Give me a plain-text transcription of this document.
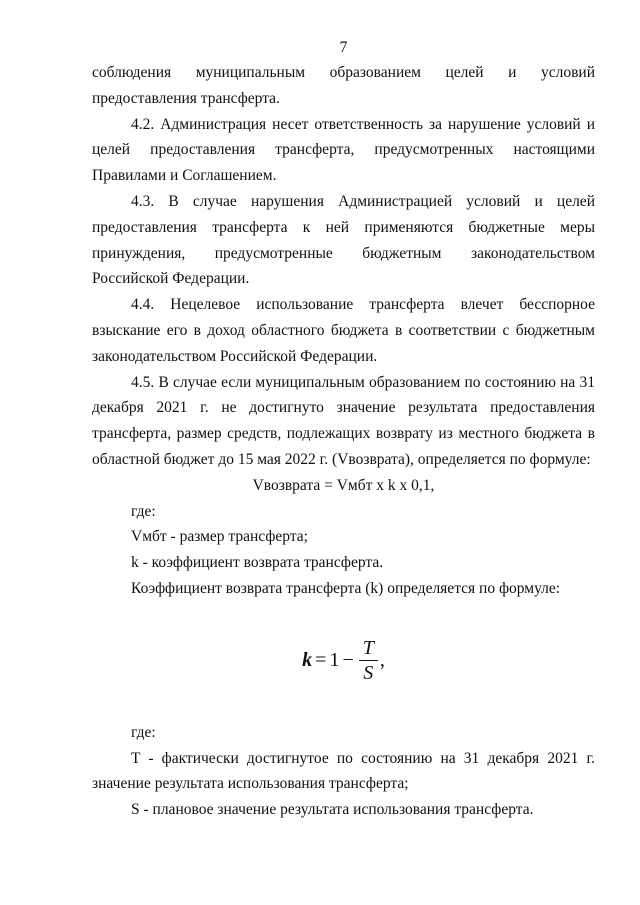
7

соблюдения муниципальным образованием целей и условий предоставления трансферта.

4.2. Администрация несет ответственность за нарушение условий и целей предоставления трансферта, предусмотренных настоящими Правилами и Соглашением.

4.3. В случае нарушения Администрацией условий и целей предоставления трансферта к ней применяются бюджетные меры принуждения, предусмотренные бюджетным законодательством Российской Федерации.

4.4. Нецелевое использование трансферта влечет бесспорное взыскание его в доход областного бюджета в соответствии с бюджетным законодательством Российской Федерации.

4.5. В случае если муниципальным образованием по состоянию на 31 декабря 2021 г. не достигнуто значение результата предоставления трансферта, размер средств, подлежащих возврату из местного бюджета в областной бюджет до 15 мая 2022 г. (Vвозврата), определяется по формуле:

Vвозврата = Vмбт x k x 0,1,

где:

Vмбт - размер трансферта;

k - коэффициент возврата трансферта.

Коэффициент возврата трансферта (k) определяется по формуле:

$k = 1 - \frac{T}{S}$ ,

где:

T - фактически достигнутое по состоянию на 31 декабря 2021 г. значение результата использования трансферта;

S - плановое значение результата использования трансферта.
